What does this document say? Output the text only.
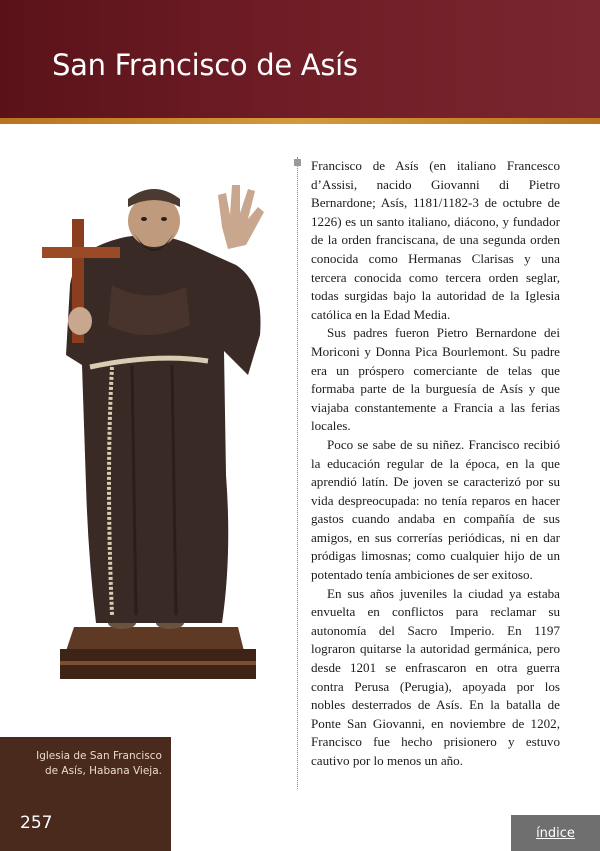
San Francisco de Asís

Francisco de Asís (en italiano Francesco d’Assisi, nacido Giovanni di Pietro Bernardone; Asís, 1181/1182-3 de octubre de 1226) es un santo italiano, diácono, y fundador de la orden franciscana, de una segunda orden conocida como Hermanas Clarisas y una tercera conocida como tercera orden seglar, todas surgidas bajo la autoridad de la Iglesia católica en la Edad Media.

Sus padres fueron Pietro Bernardone dei Moriconi y Donna Pica Bourlemont. Su padre era un próspero comerciante de telas que formaba parte de la burguesía de Asís y que viajaba constantemente a Francia a las ferias locales.

Poco se sabe de su niñez. Francisco recibió la educación regular de la época, en la que aprendió latín. De joven se caracterizó por su vida despreocupada: no tenía reparos en hacer gastos cuando andaba en compañía de sus amigos, en sus correrías periódicas, ni en dar pródigas limosnas; como cualquier hijo de un potentado tenía ambiciones de ser exitoso.

En sus años juveniles la ciudad ya estaba envuelta en conflictos para reclamar su autonomía del Sacro Imperio. En 1197 lograron quitarse la autoridad germánica, pero desde 1201 se enfrascaron en otra guerra contra Perusa (Perugia), apoyada por los nobles desterrados de Asís. En la batalla de Ponte San Giovanni, en noviembre de 1202, Francisco fue hecho prisionero y estuvo cautivo por lo menos un año.

Iglesia de San Francisco de Asís, Habana Vieja.

257	índice
